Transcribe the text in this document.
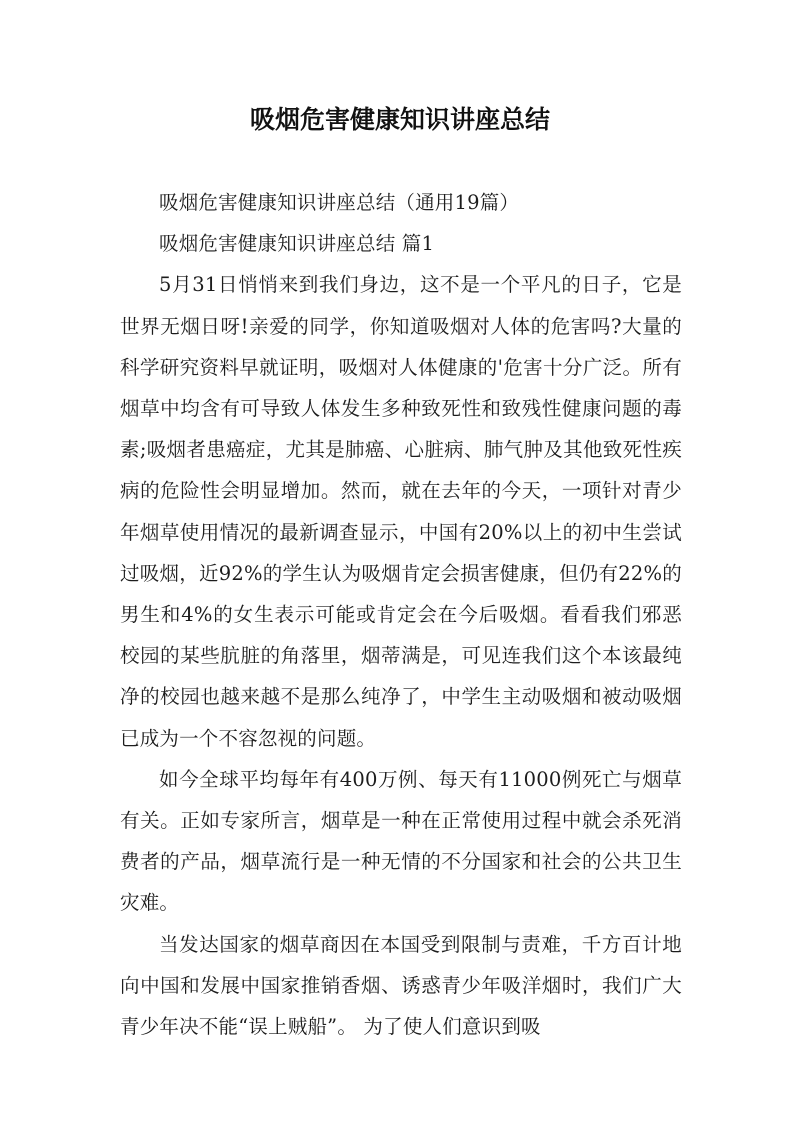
吸烟危害健康知识讲座总结

吸烟危害健康知识讲座总结（通用19篇）

吸烟危害健康知识讲座总结 篇1

5月31日悄悄来到我们身边，这不是一个平凡的日子，它是世界无烟日呀!亲爱的同学，你知道吸烟对人体的危害吗?大量的科学研究资料早就证明，吸烟对人体健康的'危害十分广泛。所有烟草中均含有可导致人体发生多种致死性和致残性健康问题的毒素;吸烟者患癌症，尤其是肺癌、心脏病、肺气肿及其他致死性疾病的危险性会明显增加。然而，就在去年的今天，一项针对青少年烟草使用情况的最新调查显示，中国有20%以上的初中生尝试过吸烟，近92%的学生认为吸烟肯定会损害健康，但仍有22%的男生和4%的女生表示可能或肯定会在今后吸烟。看看我们邪恶校园的某些肮脏的角落里，烟蒂满是，可见连我们这个本该最纯净的校园也越来越不是那么纯净了，中学生主动吸烟和被动吸烟已成为一个不容忽视的问题。

如今全球平均每年有400万例、每天有11000例死亡与烟草有关。正如专家所言，烟草是一种在正常使用过程中就会杀死消费者的产品，烟草流行是一种无情的不分国家和社会的公共卫生灾难。

当发达国家的烟草商因在本国受到限制与责难，千方百计地向中国和发展中国家推销香烟、诱惑青少年吸洋烟时，我们广大青少年决不能“误上贼船”。 为了使人们意识到吸
